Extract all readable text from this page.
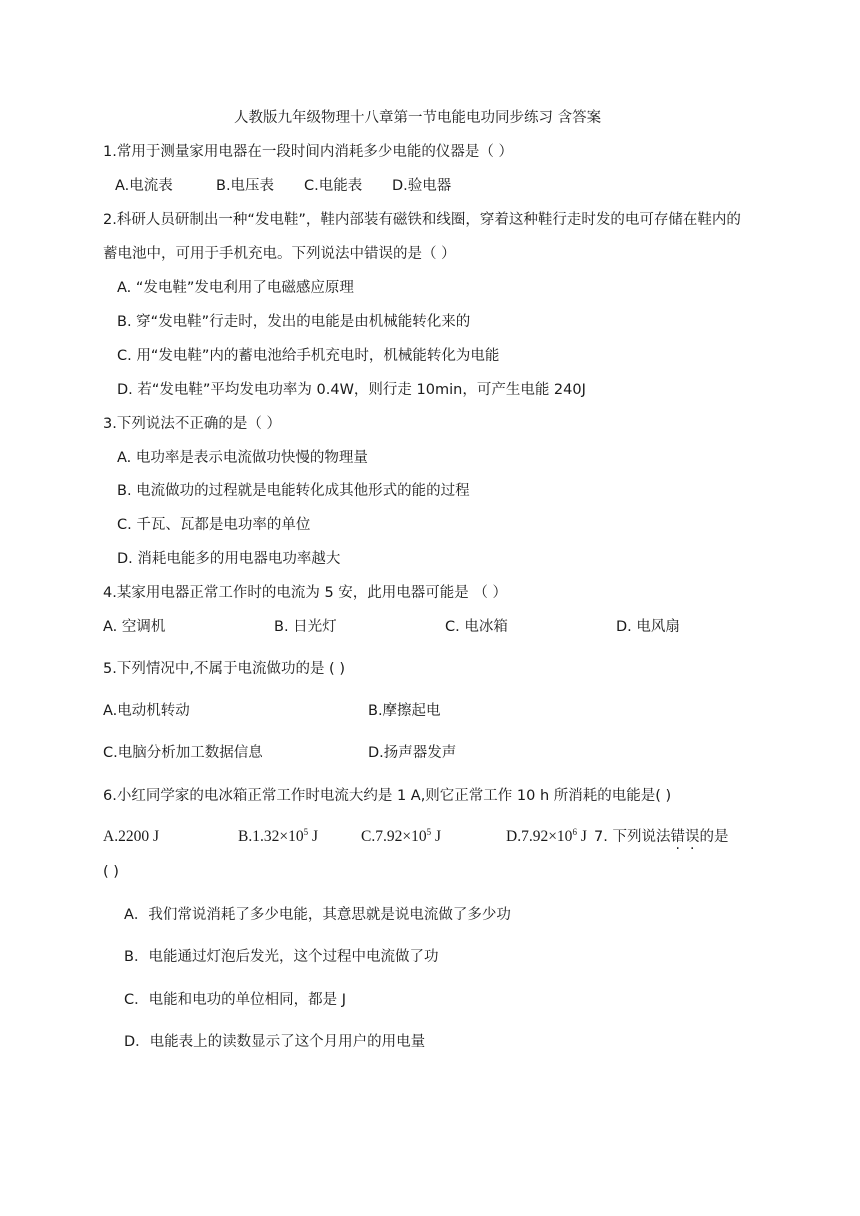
人教版九年级物理十八章第一节电能电功同步练习 含答案
1.常用于测量家用电器在一段时间内消耗多少电能的仪器是（ ）
A.电流表	B.电压表 C.电能表 D.验电器
2.科研人员研制出一种“发电鞋”，鞋内部装有磁铁和线圈，穿着这种鞋行走时发的电可存储在鞋内的
蓄电池中，可用于手机充电。下列说法中错误的是（ ）
A. “发电鞋”发电利用了电磁感应原理
B. 穿“发电鞋”行走时，发出的电能是由机械能转化来的
C. 用“发电鞋”内的蓄电池给手机充电时，机械能转化为电能
D. 若“发电鞋”平均发电功率为 0.4W，则行走 10min，可产生电能 240J
3.下列说法不正确的是（ ）
A. 电功率是表示电流做功快慢的物理量
B. 电流做功的过程就是电能转化成其他形式的能的过程
C. 千瓦、瓦都是电功率的单位
D. 消耗电能多的用电器电功率越大
4.某家用电器正常工作时的电流为 5 安，此用电器可能是 （ ）
A. 空调机	B. 日光灯	C. 电冰箱	D. 电风扇
5.下列情况中,不属于电流做功的是 ( )
A.电动机转动	B.摩擦起电
C.电脑分析加工数据信息	D.扬声器发声
6.小红同学家的电冰箱正常工作时电流大约是 1 A,则它正常工作 10 h 所消耗的电能是( )
A.2200 J	$B.1.32\times 10^5$ J	$C.7.92\times 10^5$ J	$D.7.92\times 10^6$ J 7. 下列说法错误的是
( )
A．我们常说消耗了多少电能，其意思就是说电流做了多少功
B．电能通过灯泡后发光，这个过程中电流做了功
C．电能和电功的单位相同，都是 J
D．电能表上的读数显示了这个月用户的用电量
